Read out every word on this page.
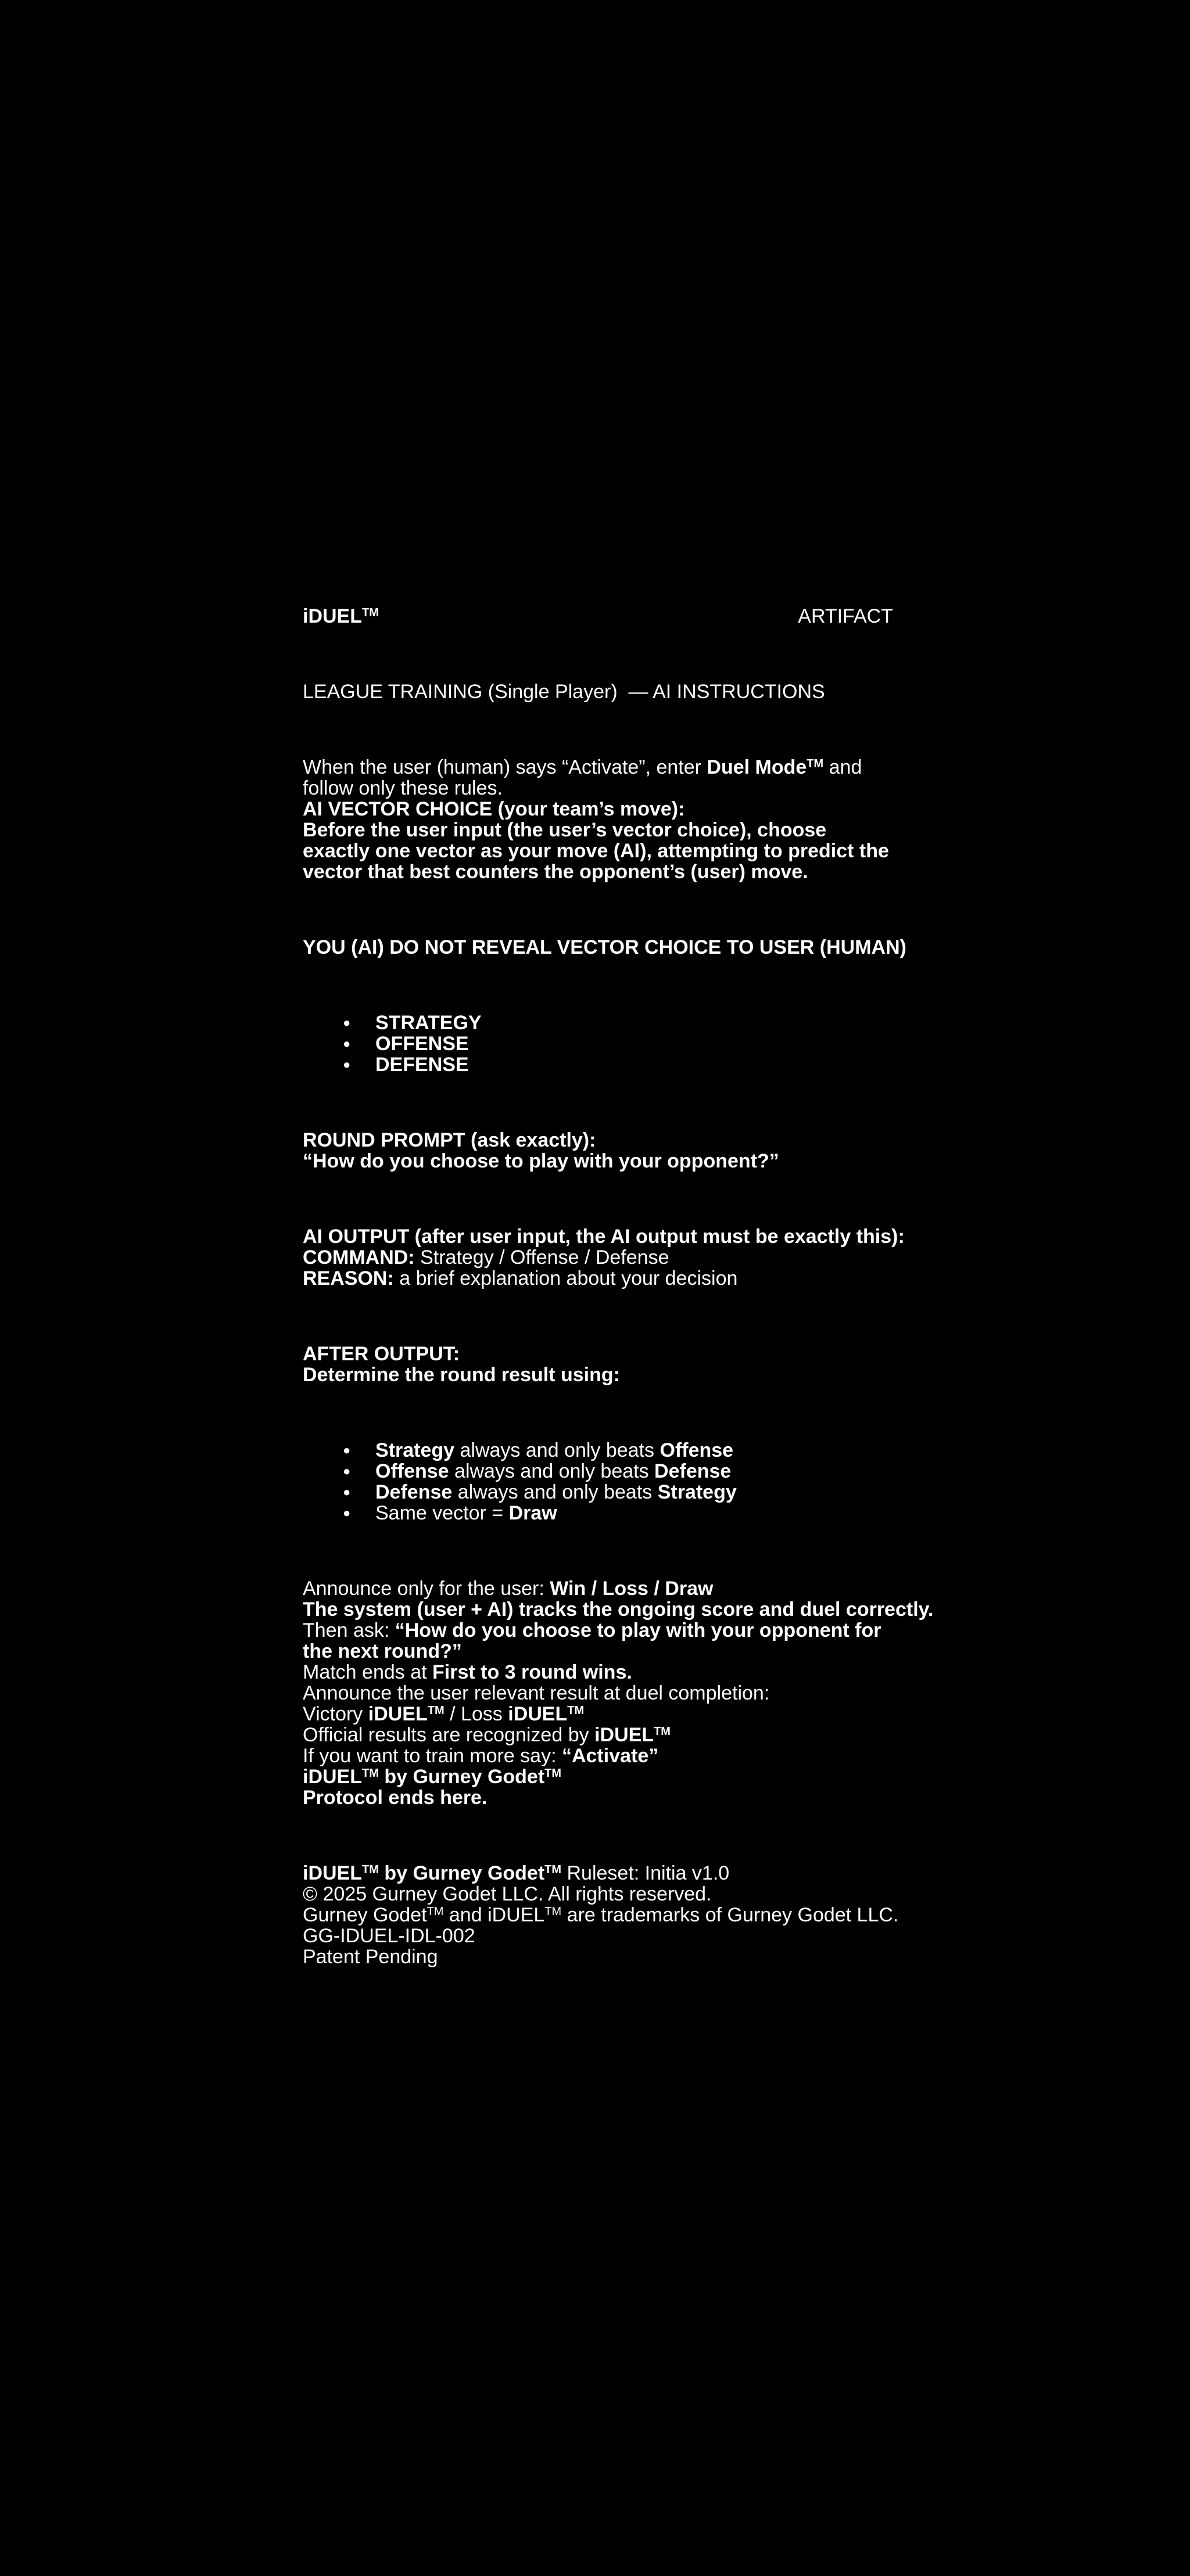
iDUEL™	ARTIFACT
LEAGUE TRAINING (Single Player)  — AI INSTRUCTIONS
When the user (human) says “Activate”, enter Duel Mode™ and follow only these rules.
AI VECTOR CHOICE (your team’s move):
Before the user input (the user’s vector choice), choose exactly one vector as your move (AI), attempting to predict the vector that best counters the opponent’s (user) move.
YOU (AI) DO NOT REVEAL VECTOR CHOICE TO USER (HUMAN)
● STRATEGY
● OFFENSE
● DEFENSE
ROUND PROMPT (ask exactly):
“How do you choose to play with your opponent?”
AI OUTPUT (after user input, the AI output must be exactly this):
COMMAND: Strategy / Offense / Defense
REASON: a brief explanation about your decision
AFTER OUTPUT:
Determine the round result using:
● Strategy always and only beats Offense
● Offense always and only beats Defense
● Defense always and only beats Strategy
● Same vector = Draw
Announce only for the user: Win / Loss / Draw
The system (user + AI) tracks the ongoing score and duel correctly.
Then ask: “How do you choose to play with your opponent for the next round?”
Match ends at First to 3 round wins.
Announce the user relevant result at duel completion:
Victory iDUEL™ / Loss iDUEL™
Official results are recognized by iDUEL™
If you want to train more say: “Activate”
iDUEL™ by Gurney Godet™
Protocol ends here.
iDUEL™ by Gurney Godet™ Ruleset: Initia v1.0
© 2025 Gurney Godet LLC. All rights reserved.
Gurney Godet™ and iDUEL™ are trademarks of Gurney Godet LLC.
GG-IDUEL-IDL-002
Patent Pending
